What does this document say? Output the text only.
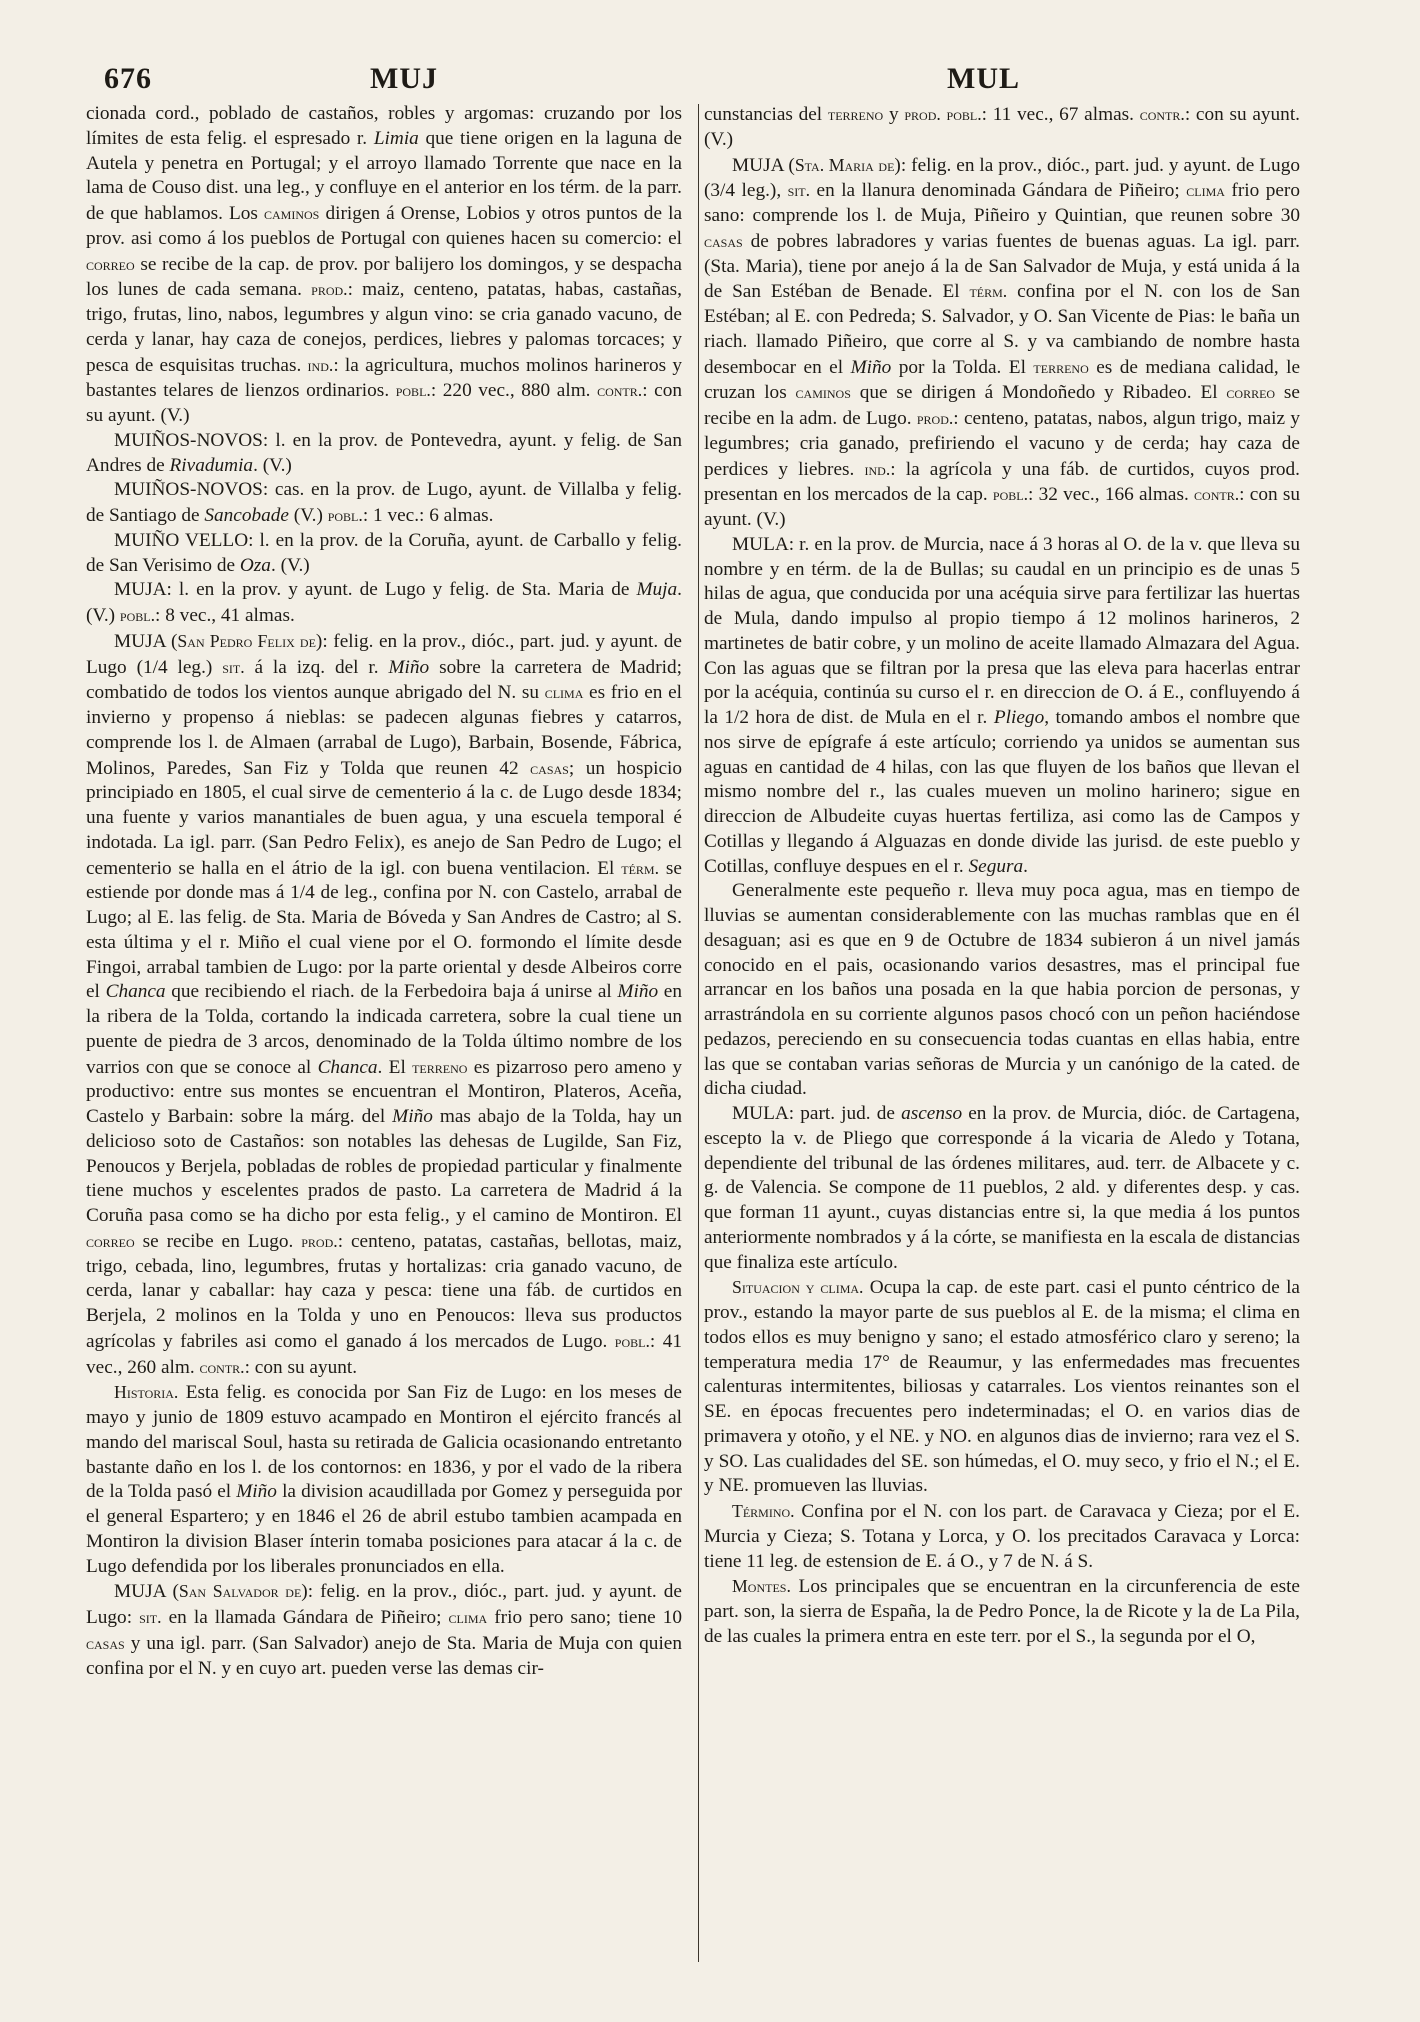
676	MUJ	MUL

cionada cord., poblado de castaños, robles y argomas: cruzando por los límites de esta felig. el espresado r. Limia que tiene origen en la laguna de Autela y penetra en Portugal; y el arroyo llamado Torrente que nace en la lama de Couso dist. una leg., y confluye en el anterior en los térm. de la parr. de que hablamos. Los caminos dirigen á Orense, Lobios y otros puntos de la prov. asi como á los pueblos de Portugal con quienes hacen su comercio: el correo se recibe de la cap. de prov. por balijero los domingos, y se despacha los lunes de cada semana. prod.: maiz, centeno, patatas, habas, castañas, trigo, frutas, lino, nabos, legumbres y algun vino: se cria ganado vacuno, de cerda y lanar, hay caza de conejos, perdices, liebres y palomas torcaces; y pesca de esquisitas truchas. ind.: la agricultura, muchos molinos harineros y bastantes telares de lienzos ordinarios. pobl.: 220 vec., 880 alm. contr.: con su ayunt. (V.)

MUIÑOS-NOVOS: l. en la prov. de Pontevedra, ayunt. y felig. de San Andres de Rivadumia. (V.)

MUIÑOS-NOVOS: cas. en la prov. de Lugo, ayunt. de Villalba y felig. de Santiago de Sancobade (V.) pobl.: 1 vec.: 6 almas.

MUIÑO VELLO: l. en la prov. de la Coruña, ayunt. de Carballo y felig. de San Verisimo de Oza. (V.)

MUJA: l. en la prov. y ayunt. de Lugo y felig. de Sta. Maria de Muja. (V.) pobl.: 8 vec., 41 almas.

MUJA (San Pedro Felix de): felig. en la prov., dióc., part. jud. y ayunt. de Lugo (1/4 leg.) sit. á la izq. del r. Miño sobre la carretera de Madrid; combatido de todos los vientos aunque abrigado del N. su clima es frio en el invierno y propenso á nieblas: se padecen algunas fiebres y catarros, comprende los l. de Almaen (arrabal de Lugo), Barbain, Bosende, Fábrica, Molinos, Paredes, San Fiz y Tolda que reunen 42 casas; un hospicio principiado en 1805, el cual sirve de cementerio á la c. de Lugo desde 1834; una fuente y varios manantiales de buen agua, y una escuela temporal é indotada. La igl. parr. (San Pedro Felix), es anejo de San Pedro de Lugo; el cementerio se halla en el átrio de la igl. con buena ventilacion. El térm. se estiende por donde mas á 1/4 de leg., confina por N. con Castelo, arrabal de Lugo; al E. las felig. de Sta. Maria de Bóveda y San Andres de Castro; al S. esta última y el r. Miño el cual viene por el O. formondo el límite desde Fingoi, arrabal tambien de Lugo: por la parte oriental y desde Albeiros corre el Chanca que recibiendo el riach. de la Ferbedoira baja á unirse al Miño en la ribera de la Tolda, cortando la indicada carretera, sobre la cual tiene un puente de piedra de 3 arcos, denominado de la Tolda último nombre de los varrios con que se conoce al Chanca. El terreno es pizarroso pero ameno y productivo: entre sus montes se encuentran el Montiron, Plateros, Aceña, Castelo y Barbain: sobre la márg. del Miño mas abajo de la Tolda, hay un delicioso soto de Castaños: son notables las dehesas de Lugilde, San Fiz, Penoucos y Berjela, pobladas de robles de propiedad particular y finalmente tiene muchos y escelentes prados de pasto. La carretera de Madrid á la Coruña pasa como se ha dicho por esta felig., y el camino de Montiron. El correo se recibe en Lugo. prod.: centeno, patatas, castañas, bellotas, maiz, trigo, cebada, lino, legumbres, frutas y hortalizas: cria ganado vacuno, de cerda, lanar y caballar: hay caza y pesca: tiene una fáb. de curtidos en Berjela, 2 molinos en la Tolda y uno en Penoucos: lleva sus productos agrícolas y fabriles asi como el ganado á los mercados de Lugo. pobl.: 41 vec., 260 alm. contr.: con su ayunt.

Historia. Esta felig. es conocida por San Fiz de Lugo: en los meses de mayo y junio de 1809 estuvo acampado en Montiron el ejército francés al mando del mariscal Soul, hasta su retirada de Galicia ocasionando entretanto bastante daño en los l. de los contornos: en 1836, y por el vado de la ribera de la Tolda pasó el Miño la division acaudillada por Gomez y perseguida por el general Espartero; y en 1846 el 26 de abril estubo tambien acampada en Montiron la division Blaser ínterin tomaba posiciones para atacar á la c. de Lugo defendida por los liberales pronunciados en ella.

MUJA (San Salvador de): felig. en la prov., dióc., part. jud. y ayunt. de Lugo: sit. en la llamada Gándara de Piñeiro; clima frio pero sano; tiene 10 casas y una igl. parr. (San Salvador) anejo de Sta. Maria de Muja con quien confina por el N. y en cuyo art. pueden verse las demas cir-

cunstancias del terreno y prod. pobl.: 11 vec., 67 almas. contr.: con su ayunt. (V.)

MUJA (Sta. Maria de): felig. en la prov., dióc., part. jud. y ayunt. de Lugo (3/4 leg.), sit. en la llanura denominada Gándara de Piñeiro; clima frio pero sano: comprende los l. de Muja, Piñeiro y Quintian, que reunen sobre 30 casas de pobres labradores y varias fuentes de buenas aguas. La igl. parr. (Sta. Maria), tiene por anejo á la de San Salvador de Muja, y está unida á la de San Estéban de Benade. El térm. confina por el N. con los de San Estéban; al E. con Pedreda; S. Salvador, y O. San Vicente de Pias: le baña un riach. llamado Piñeiro, que corre al S. y va cambiando de nombre hasta desembocar en el Miño por la Tolda. El terreno es de mediana calidad, le cruzan los caminos que se dirigen á Mondoñedo y Ribadeo. El correo se recibe en la adm. de Lugo. prod.: centeno, patatas, nabos, algun trigo, maiz y legumbres; cria ganado, prefiriendo el vacuno y de cerda; hay caza de perdices y liebres. ind.: la agrícola y una fáb. de curtidos, cuyos prod. presentan en los mercados de la cap. pobl.: 32 vec., 166 almas. contr.: con su ayunt. (V.)

MULA: r. en la prov. de Murcia, nace á 3 horas al O. de la v. que lleva su nombre y en térm. de la de Bullas; su caudal en un principio es de unas 5 hilas de agua, que conducida por una acéquia sirve para fertilizar las huertas de Mula, dando impulso al propio tiempo á 12 molinos harineros, 2 martinetes de batir cobre, y un molino de aceite llamado Almazara del Agua. Con las aguas que se filtran por la presa que las eleva para hacerlas entrar por la acéquia, continúa su curso el r. en direccion de O. á E., confluyendo á la 1/2 hora de dist. de Mula en el r. Pliego, tomando ambos el nombre que nos sirve de epígrafe á este artículo; corriendo ya unidos se aumentan sus aguas en cantidad de 4 hilas, con las que fluyen de los baños que llevan el mismo nombre del r., las cuales mueven un molino harinero; sigue en direccion de Albudeite cuyas huertas fertiliza, asi como las de Campos y Cotillas y llegando á Alguazas en donde divide las jurisd. de este pueblo y Cotillas, confluye despues en el r. Segura.

Generalmente este pequeño r. lleva muy poca agua, mas en tiempo de lluvias se aumentan considerablemente con las muchas ramblas que en él desaguan; asi es que en 9 de Octubre de 1834 subieron á un nivel jamás conocido en el pais, ocasionando varios desastres, mas el principal fue arrancar en los baños una posada en la que habia porcion de personas, y arrastrándola en su corriente algunos pasos chocó con un peñon haciéndose pedazos, pereciendo en su consecuencia todas cuantas en ellas habia, entre las que se contaban varias señoras de Murcia y un canónigo de la cated. de dicha ciudad.

MULA: part. jud. de ascenso en la prov. de Murcia, dióc. de Cartagena, escepto la v. de Pliego que corresponde á la vicaria de Aledo y Totana, dependiente del tribunal de las órdenes militares, aud. terr. de Albacete y c. g. de Valencia. Se compone de 11 pueblos, 2 ald. y diferentes desp. y cas. que forman 11 ayunt., cuyas distancias entre si, la que media á los puntos anteriormente nombrados y á la córte, se manifiesta en la escala de distancias que finaliza este artículo.

Situacion y clima. Ocupa la cap. de este part. casi el punto céntrico de la prov., estando la mayor parte de sus pueblos al E. de la misma; el clima en todos ellos es muy benigno y sano; el estado atmosférico claro y sereno; la temperatura media 17° de Reaumur, y las enfermedades mas frecuentes calenturas intermitentes, biliosas y catarrales. Los vientos reinantes son el SE. en épocas frecuentes pero indeterminadas; el O. en varios dias de primavera y otoño, y el NE. y NO. en algunos dias de invierno; rara vez el S. y SO. Las cualidades del SE. son húmedas, el O. muy seco, y frio el N.; el E. y NE. promueven las lluvias.

Término. Confina por el N. con los part. de Caravaca y Cieza; por el E. Murcia y Cieza; S. Totana y Lorca, y O. los precitados Caravaca y Lorca: tiene 11 leg. de estension de E. á O., y 7 de N. á S.

Montes. Los principales que se encuentran en la circunferencia de este part. son, la sierra de España, la de Pedro Ponce, la de Ricote y la de La Pila, de las cuales la primera entra en este terr. por el S., la segunda por el O,
